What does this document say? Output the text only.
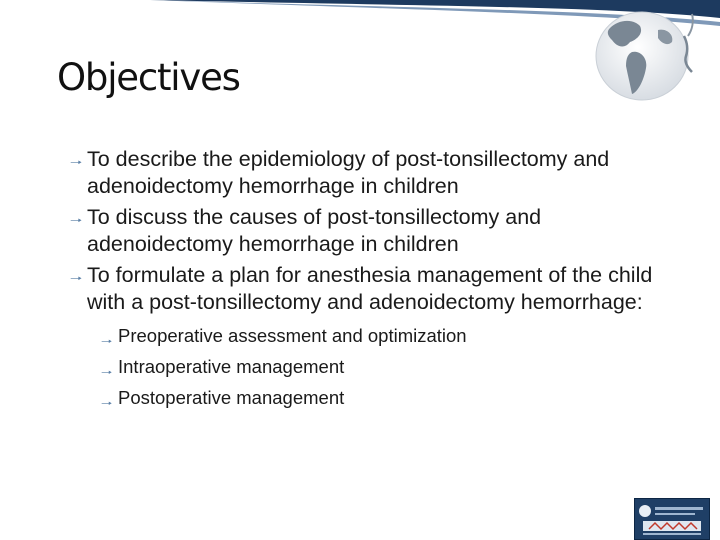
Objectives
🠒 To describe the epidemiology of post-tonsillectomy and adenoidectomy hemorrhage in children
🠒 To discuss the causes of post-tonsillectomy and adenoidectomy hemorrhage in children
🠒 To formulate a plan for anesthesia management of the child with a post-tonsillectomy and adenoidectomy hemorrhage:
🠒 Preoperative assessment and optimization
🠒 Intraoperative management
🠒 Postoperative management
